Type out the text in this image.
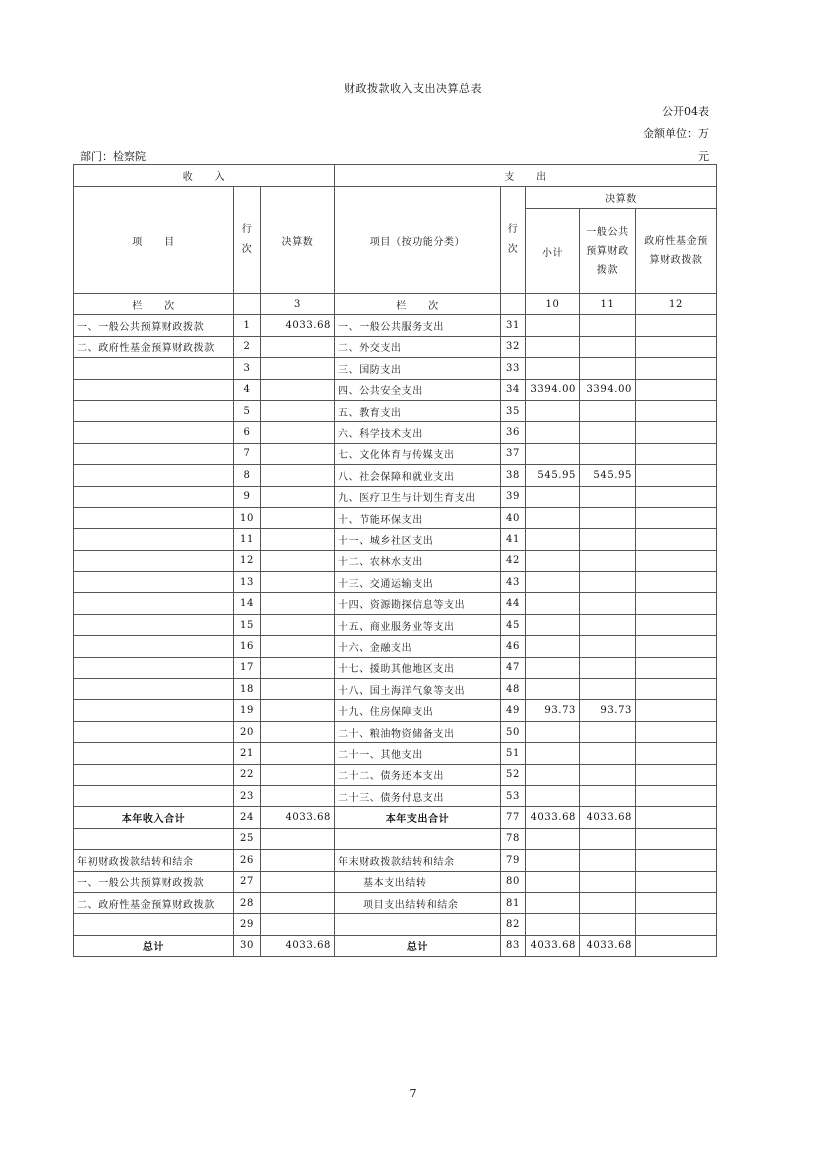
财政拨款收入支出决算总表
公开04表
金额单位：万
部门：检察院	元
收　　入			支　　出				
项　　目	行次	决算数	项目（按功能分类）	行次	决算数		
					小计	一般公共预算财政拨款	政府性基金预算财政拨款
栏　　次		3	栏　　次		10	11	12
一、一般公共预算财政拨款	1	4033.68	一、一般公共服务支出	31			
二、政府性基金预算财政拨款	2		二、外交支出	32			
	3		三、国防支出	33			
	4		四、公共安全支出	34	3394.00	3394.00	
	5		五、教育支出	35			
	6		六、科学技术支出	36			
	7		七、文化体育与传媒支出	37			
	8		八、社会保障和就业支出	38	545.95	545.95	
	9		九、医疗卫生与计划生育支出	39			
	10		十、节能环保支出	40			
	11		十一、城乡社区支出	41			
	12		十二、农林水支出	42			
	13		十三、交通运输支出	43			
	14		十四、资源勘探信息等支出	44			
	15		十五、商业服务业等支出	45			
	16		十六、金融支出	46			
	17		十七、援助其他地区支出	47			
	18		十八、国土海洋气象等支出	48			
	19		十九、住房保障支出	49	93.73	93.73	
	20		二十、粮油物资储备支出	50			
	21		二十一、其他支出	51			
	22		二十二、债务还本支出	52			
	23		二十三、债务付息支出	53			
本年收入合计	24	4033.68	本年支出合计	77	4033.68	4033.68	
	25			78			
年初财政拨款结转和结余	26		年末财政拨款结转和结余	79			
一、一般公共预算财政拨款	27		基本支出结转	80			
二、政府性基金预算财政拨款	28		项目支出结转和结余	81			
	29			82			
总计	30	4033.68	总计	83	4033.68	4033.68	
7
